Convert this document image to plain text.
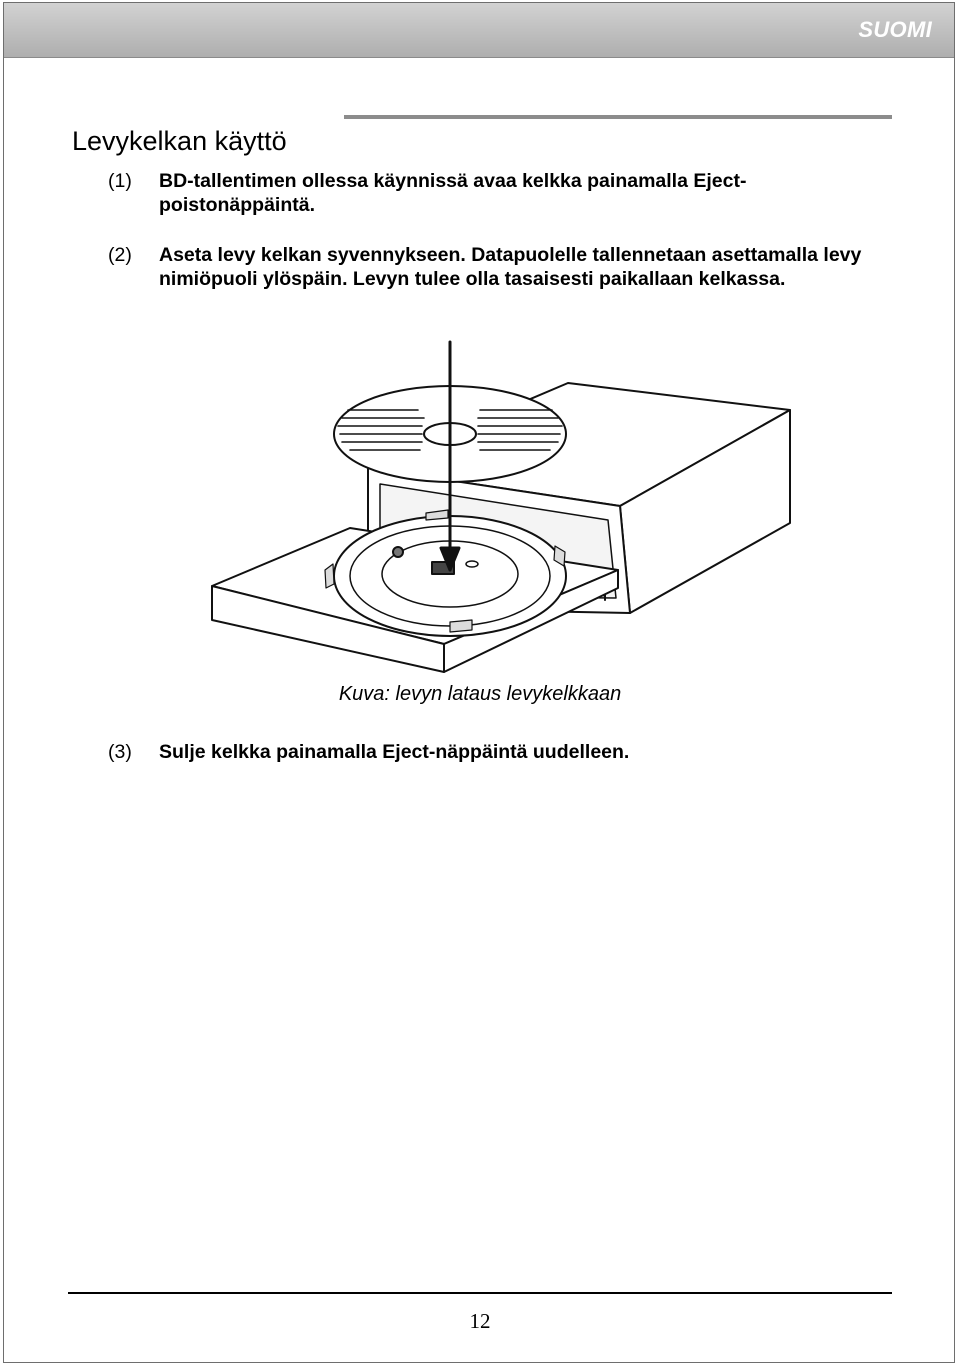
SUOMI
Levykelkan käyttö
(1) BD-tallentimen ollessa käynnissä avaa kelkka painamalla Eject-poistonäppäintä.
(2) Aseta levy kelkan syvennykseen. Datapuolelle tallennetaan asettamalla levy nimiöpuoli ylöspäin. Levyn tulee olla tasaisesti paikallaan kelkassa.
Kuva: levyn lataus levykelkkaan
(3) Sulje kelkka painamalla Eject-näppäintä uudelleen.
12
